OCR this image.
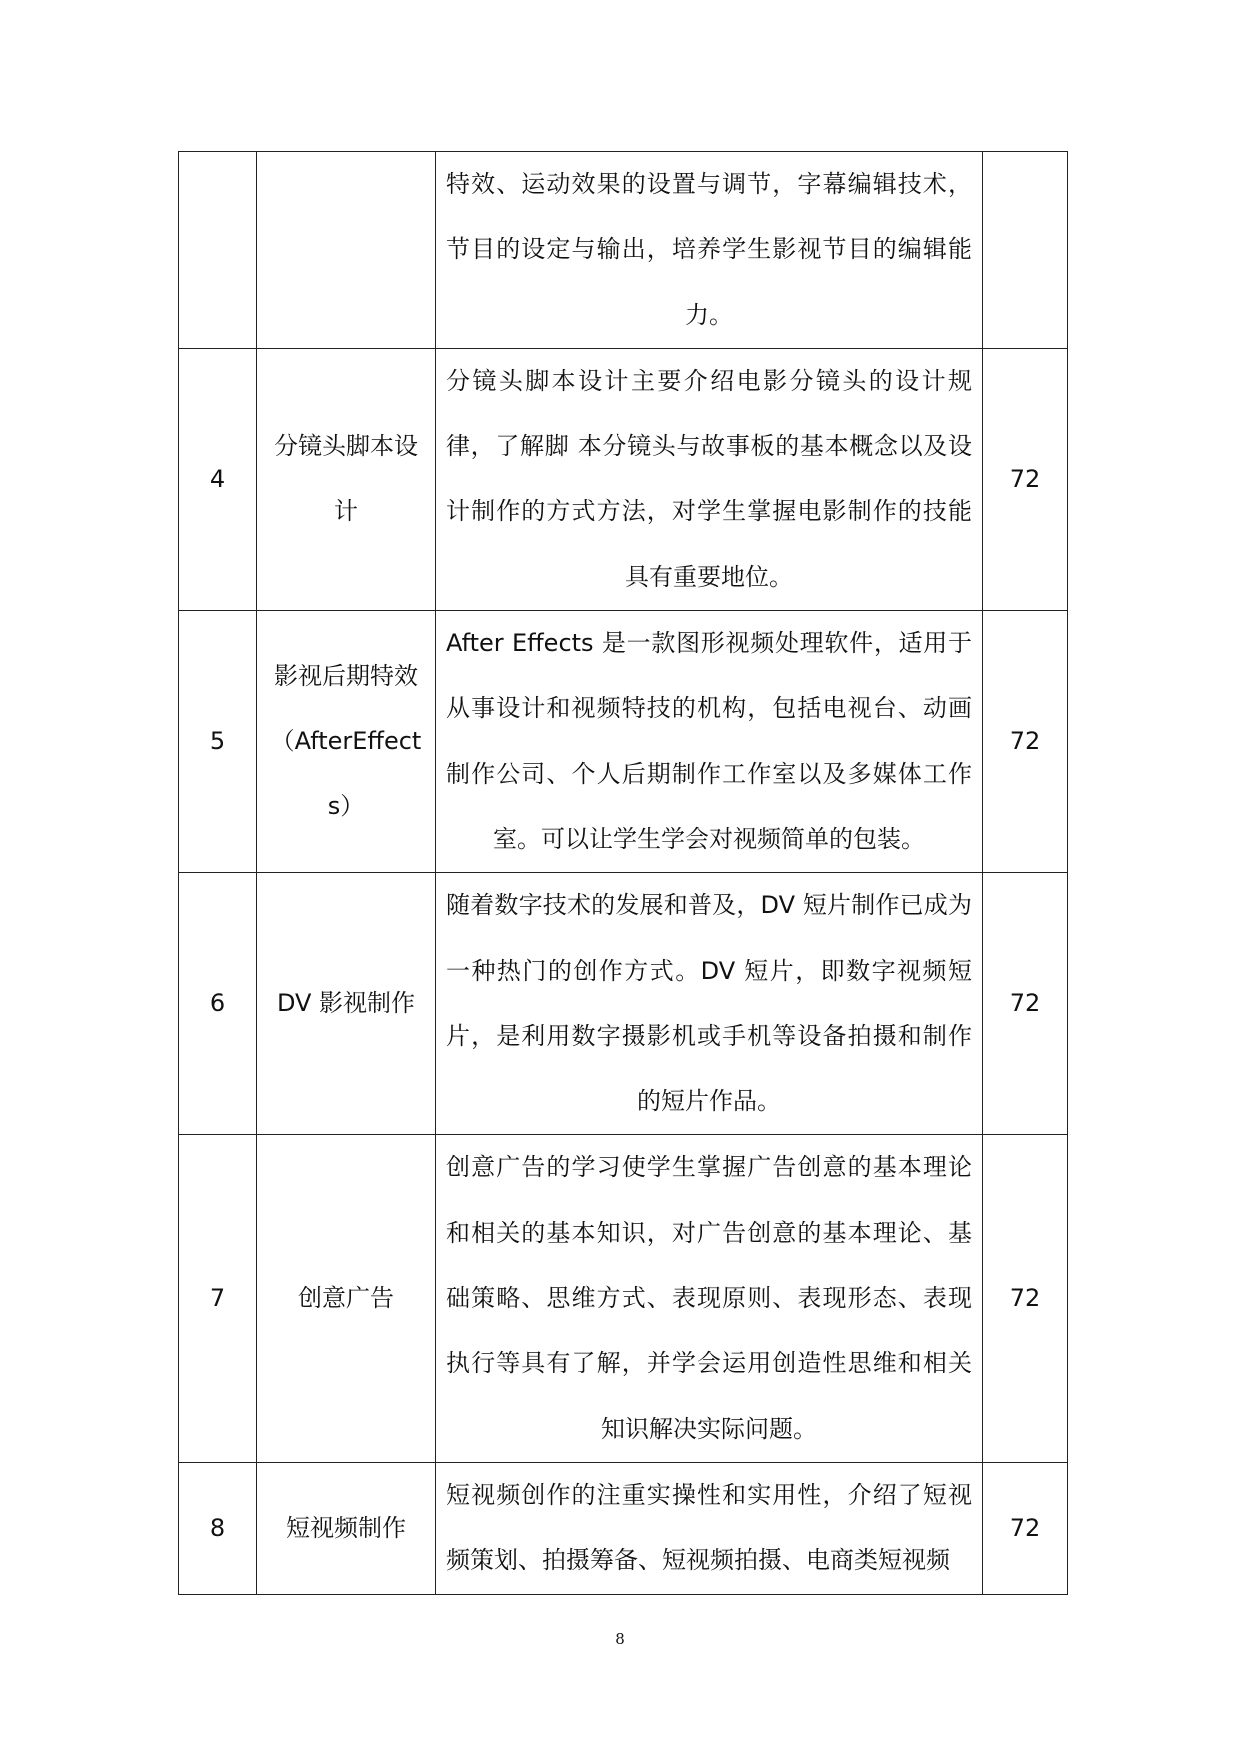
		特效、运动效果的设置与调节，字幕编辑技术，节目的设定与输出，培养学生影视节目的编辑能力。	

4	分镜头脚本设计	分镜头脚本设计主要介绍电影分镜头的设计规律，了解脚 本分镜头与故事板的基本概念以及设计制作的方式方法，对学生掌握电影制作的技能具有重要地位。	72

5	影视后期特效（AfterEffects）	After Effects 是一款图形视频处理软件，适用于从事设计和视频特技的机构，包括电视台、动画制作公司、个人后期制作工作室以及多媒体工作室。可以让学生学会对视频简单的包装。	72

6	DV 影视制作	随着数字技术的发展和普及，DV 短片制作已成为一种热门的创作方式。DV 短片，即数字视频短片，是利用数字摄影机或手机等设备拍摄和制作的短片作品。	72

7	创意广告	创意广告的学习使学生掌握广告创意的基本理论和相关的基本知识，对广告创意的基本理论、基础策略、思维方式、表现原则、表现形态、表现执行等具有了解，并学会运用创造性思维和相关知识解决实际问题。	72

8	短视频制作	短视频创作的注重实操性和实用性，介绍了短视频策划、拍摄筹备、短视频拍摄、电商类短视频	72
8
